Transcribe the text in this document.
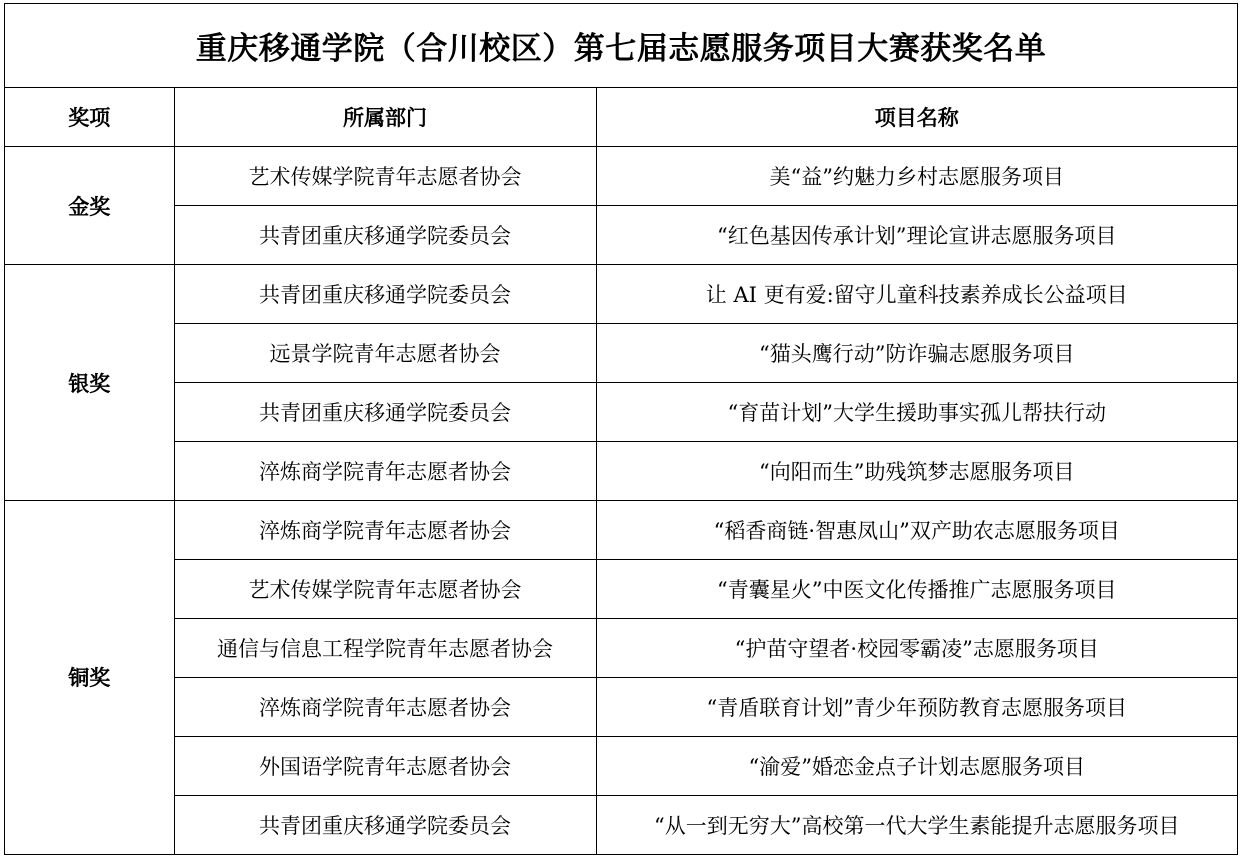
重庆移通学院（合川校区）第七届志愿服务项目大赛获奖名单
奖项	所属部门	项目名称
金奖	艺术传媒学院青年志愿者协会	美“益”约魅力乡村志愿服务项目
	共青团重庆移通学院委员会	“红色基因传承计划”理论宣讲志愿服务项目
银奖	共青团重庆移通学院委员会	让 AI 更有爱:留守儿童科技素养成长公益项目
	远景学院青年志愿者协会	“猫头鹰行动”防诈骗志愿服务项目
	共青团重庆移通学院委员会	“育苗计划”大学生援助事实孤儿帮扶行动
	淬炼商学院青年志愿者协会	“向阳而生”助残筑梦志愿服务项目
铜奖	淬炼商学院青年志愿者协会	“稻香商链·智惠凤山”双产助农志愿服务项目
	艺术传媒学院青年志愿者协会	“青囊星火”中医文化传播推广志愿服务项目
	通信与信息工程学院青年志愿者协会	“护苗守望者·校园零霸凌”志愿服务项目
	淬炼商学院青年志愿者协会	“青盾联育计划”青少年预防教育志愿服务项目
	外国语学院青年志愿者协会	“渝爱”婚恋金点子计划志愿服务项目
	共青团重庆移通学院委员会	“从一到无穷大”高校第一代大学生素能提升志愿服务项目
